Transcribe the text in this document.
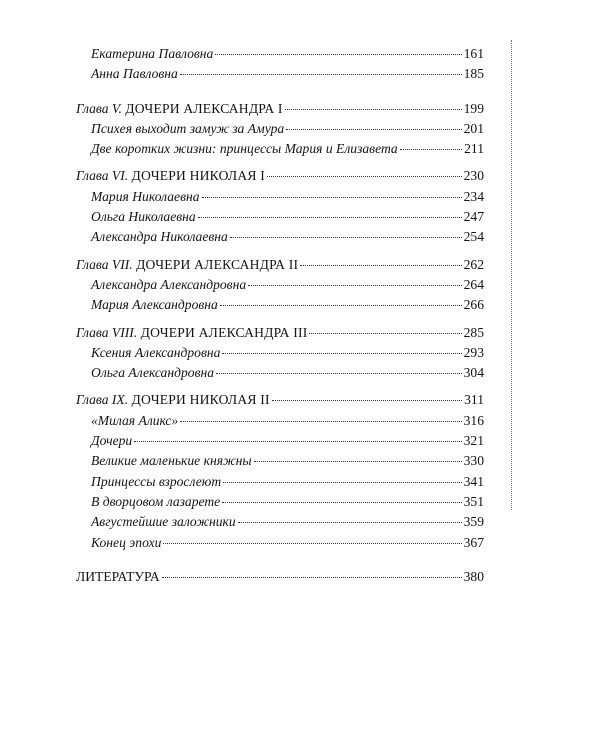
Екатерина Павловна	161
Анна Павловна	185
Глава V. ДОЧЕРИ АЛЕКСАНДРА I	199
Психея выходит замуж за Амура	201
Две коротких жизни: принцессы Мария и Елизавета	211
Глава VI. ДОЧЕРИ НИКОЛАЯ I	230
Мария Николаевна	234
Ольга Николаевна	247
Александра Николаевна	254
Глава VII. ДОЧЕРИ АЛЕКСАНДРА II	262
Александра Александровна	264
Мария Александровна	266
Глава VIII. ДОЧЕРИ АЛЕКСАНДРА III	285
Ксения Александровна	293
Ольга Александровна	304
Глава IX. ДОЧЕРИ НИКОЛАЯ II	311
«Милая Аликс»	316
Дочери	321
Великие маленькие княжны	330
Принцессы взрослеют	341
В дворцовом лазарете	351
Августейшие заложники	359
Конец эпохи	367
ЛИТЕРАТУРА	380
